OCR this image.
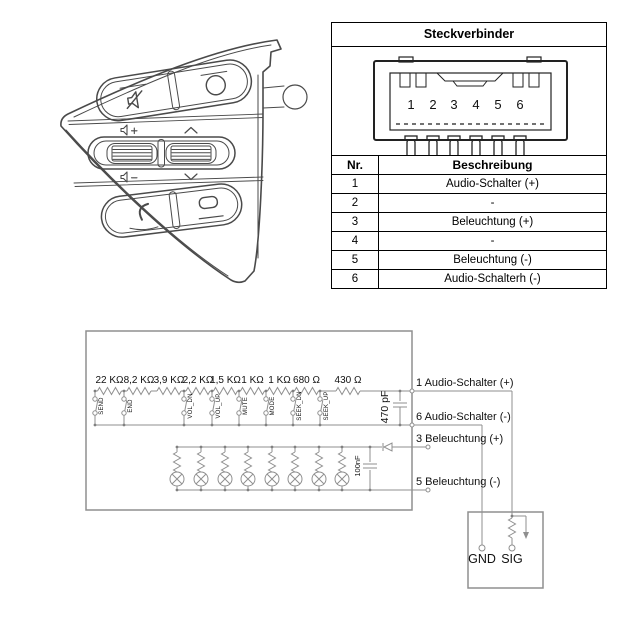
Steckverbinder
1 2 3 4 5 6
Nr.	Beschreibung
1	Audio-Schalter (+)
2	-
3	Beleuchtung (+)
4	-
5	Beleuchtung (-)
6	Audio-Schalterh (-)
22 KΩ 8,2 KΩ 3,9 KΩ
2,2 KΩ
1,5 KΩ 1 KΩ 1 KΩ 680 Ω 430 Ω
SEND	END	VOL_DN	VOL_UP	MUTE	MODE	SEEK_DN	SEEK_UP	470 pF
100nF
1 Audio-Schalter (+)
6 Audio-Schalter (-)
3 Beleuchtung (+)
5 Beleuchtung (-)
GND SIG
